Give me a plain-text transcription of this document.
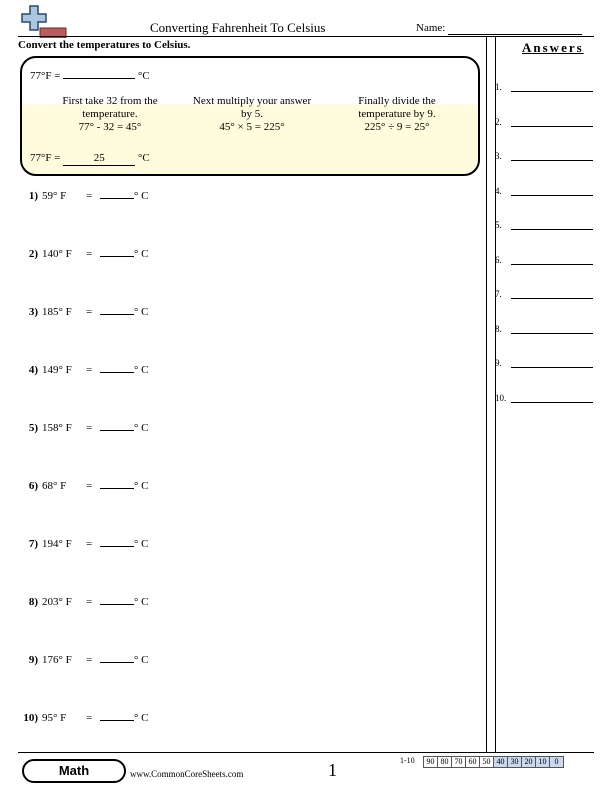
Converting Fahrenheit To Celsius	Name:
Answers
1.
2.
3.
4.
5.
6.
7.
8.
9.
10.
Convert the temperatures to Celsius.
77°F =	°C
First take 32 from the
temperature.
77° - 32 = 45°
Next multiply your answer
by 5.
45° × 5 = 225°
Finally divide the
temperature by 9.
225° ÷ 9 = 25°
77°F =	25	°C
1) 59° F =	° C
2) 140° F =	° C
3) 185° F =	° C
4) 149° F =	° C
5) 158° F =	° C
6) 68° F =	° C
7) 194° F =	° C
8) 203° F =	° C
9) 176° F =	° C
10) 95° F =	° C
Math	www.CommonCoreSheets.com	1	1-10 90	80	70	60	50	40	30	20	10	0
